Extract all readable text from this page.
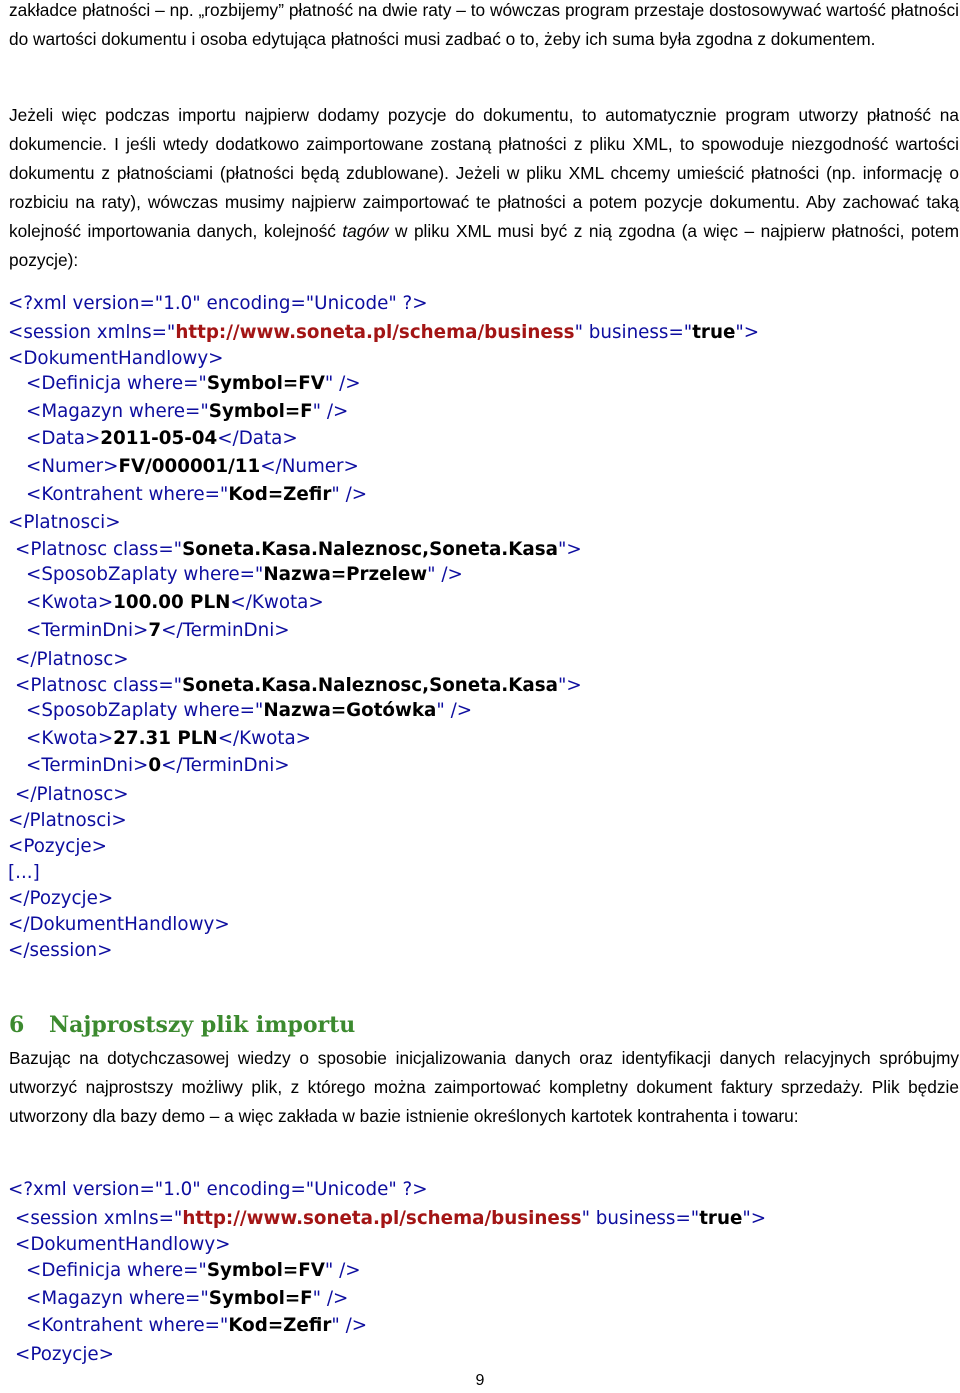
zakładce płatności – np. „rozbijemy” płatność na dwie raty – to wówczas program przestaje dostosowywać wartość płatności do wartości dokumentu i osoba edytująca płatności musi zadbać o to, żeby ich suma była zgodna z dokumentem.

Jeżeli więc podczas importu najpierw dodamy pozycje do dokumentu, to automatycznie program utworzy płatność na dokumencie. I jeśli wtedy dodatkowo zaimportowane zostaną płatności z pliku XML, to spowoduje niezgodność wartości dokumentu z płatnościami (płatności będą zdublowane). Jeżeli w pliku XML chcemy umieścić płatności (np. informację o rozbiciu na raty), wówczas musimy najpierw zaimportować te płatności a potem pozycje dokumentu. Aby zachować taką kolejność importowania danych, kolejność tagów w pliku XML musi być z nią zgodna (a więc – najpierw płatności, potem pozycje):

<?xml version="1.0" encoding="Unicode" ?>
<session xmlns="http://www.soneta.pl/schema/business" business="true">
<DokumentHandlowy>
<Definicja where="Symbol=FV" />
<Magazyn where="Symbol=F" />
<Data>2011-05-04</Data>
<Numer>FV/000001/11</Numer>
<Kontrahent where="Kod=Zefir" />
<Platnosci>
<Platnosc class="Soneta.Kasa.Naleznosc,Soneta.Kasa">
<SposobZaplaty where="Nazwa=Przelew" />
<Kwota>100.00 PLN</Kwota>
<TerminDni>7</TerminDni>
</Platnosc>
<Platnosc class="Soneta.Kasa.Naleznosc,Soneta.Kasa">
<SposobZaplaty where="Nazwa=Gotówka" />
<Kwota>27.31 PLN</Kwota>
<TerminDni>0</TerminDni>
</Platnosc>
</Platnosci>
<Pozycje>
[...]
</Pozycje>
</DokumentHandlowy>
</session>
6 Najprostszy plik importu

Bazując na dotychczasowej wiedzy o sposobie inicjalizowania danych oraz identyfikacji danych relacyjnych spróbujmy utworzyć najprostszy możliwy plik, z którego można zaimportować kompletny dokument faktury sprzedaży. Plik będzie utworzony dla bazy demo – a więc zakłada w bazie istnienie określonych kartotek kontrahenta i towaru:

<?xml version="1.0" encoding="Unicode" ?>
<session xmlns="http://www.soneta.pl/schema/business" business="true">
<DokumentHandlowy>
<Definicja where="Symbol=FV" />
<Magazyn where="Symbol=F" />
<Kontrahent where="Kod=Zefir" />
<Pozycje>
9
